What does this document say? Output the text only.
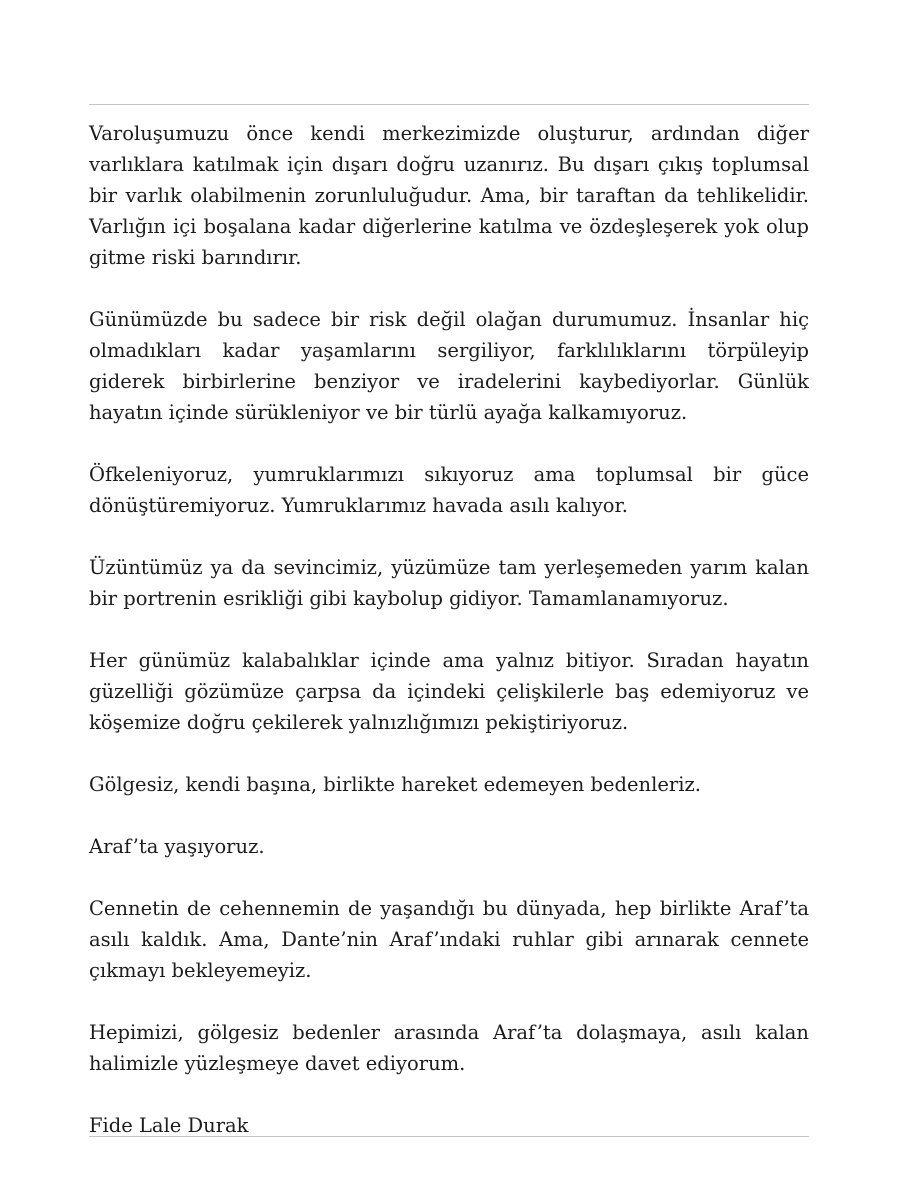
Varoluşumuzu önce kendi merkezimizde oluşturur, ardından diğer varlıklara katılmak için dışarı doğru uzanırız. Bu dışarı çıkış toplumsal bir varlık olabilmenin zorunluluğudur. Ama, bir taraftan da tehlikelidir. Varlığın içi boşalana kadar diğerlerine katılma ve özdeşleşerek yok olup gitme riski barındırır.

Günümüzde bu sadece bir risk değil olağan durumumuz. İnsanlar hiç olmadıkları kadar yaşamlarını sergiliyor, farklılıklarını törpüleyip giderek birbirlerine benziyor ve iradelerini kaybediyorlar. Günlük hayatın içinde sürükleniyor ve bir türlü ayağa kalkamıyoruz.

Öfkeleniyoruz, yumruklarımızı sıkıyoruz ama toplumsal bir güce dönüştüremiyoruz. Yumruklarımız havada asılı kalıyor.

Üzüntümüz ya da sevincimiz, yüzümüze tam yerleşemeden yarım kalan bir portrenin esrikliği gibi kaybolup gidiyor. Tamamlanamıyoruz.

Her günümüz kalabalıklar içinde ama yalnız bitiyor. Sıradan hayatın güzelliği gözümüze çarpsa da içindeki çelişkilerle baş edemiyoruz ve köşemize doğru çekilerek yalnızlığımızı pekiştiriyoruz.

Gölgesiz, kendi başına, birlikte hareket edemeyen bedenleriz.

Araf’ta yaşıyoruz.

Cennetin de cehennemin de yaşandığı bu dünyada, hep birlikte Araf’ta asılı kaldık. Ama, Dante’nin Araf’ındaki ruhlar gibi arınarak cennete çıkmayı bekleyemeyiz.

Hepimizi, gölgesiz bedenler arasında Araf’ta dolaşmaya, asılı kalan halimizle yüzleşmeye davet ediyorum.

Fide Lale Durak
